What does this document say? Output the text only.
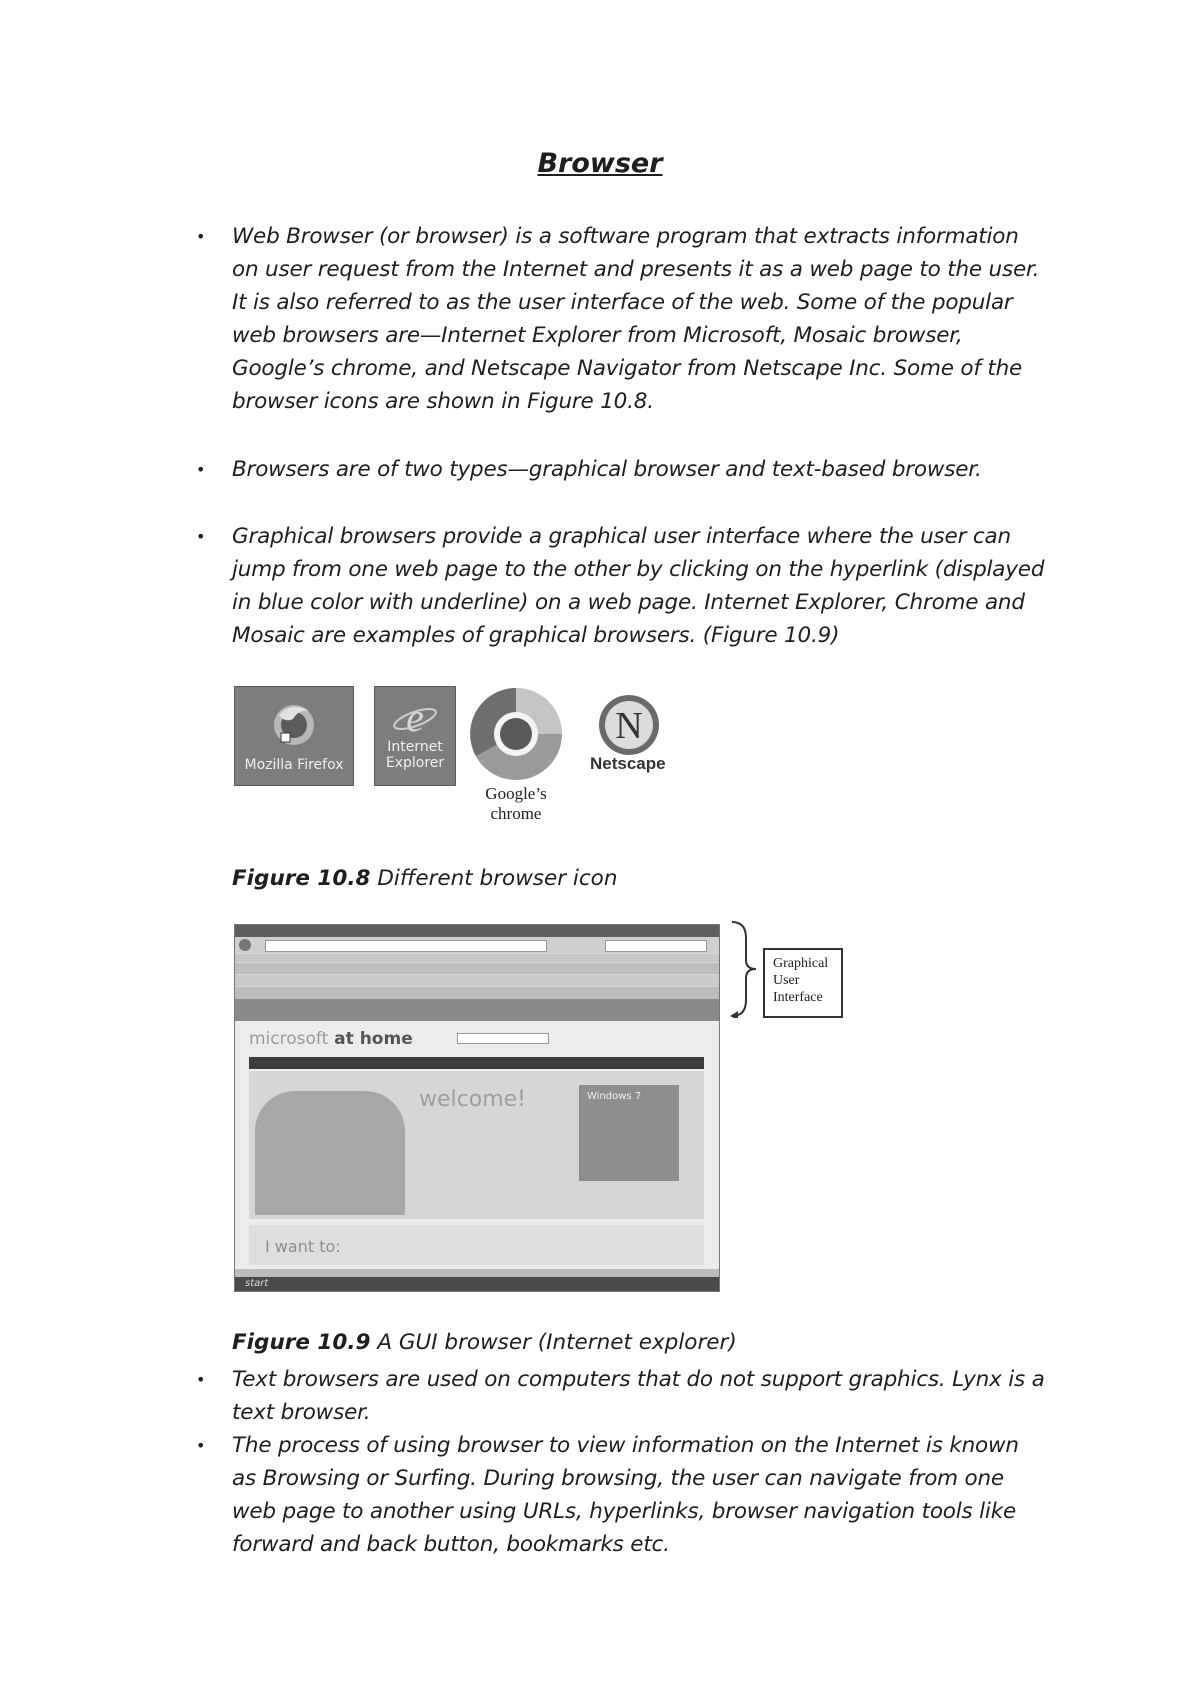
Browser
• Web Browser (or browser) is a software program that extracts information
on user request from the Internet and presents it as a web page to the user.
It is also referred to as the user interface of the web. Some of the popular
web browsers are—Internet Explorer from Microsoft, Mosaic browser,
Google’s chrome, and Netscape Navigator from Netscape Inc. Some of the
browser icons are shown in Figure 10.8.
• Browsers are of two types—graphical browser and text-based browser.
• Graphical browsers provide a graphical user interface where the user can
jump from one web page to the other by clicking on the hyperlink (displayed
in blue color with underline) on a web page. Internet Explorer, Chrome and
Mosaic are examples of graphical browsers. (Figure 10.9)
Mozilla Firefox
e
Internet
Explorer
Google’s
chrome
N
Netscape
Figure 10.8 Different browser icon
microsoft at home
welcome!	Windows 7
I want to:
start
Graphical
User
Interface
Figure 10.9 A GUI browser (Internet explorer)
• Text browsers are used on computers that do not support graphics. Lynx is a
text browser.
• The process of using browser to view information on the Internet is known
as Browsing or Surfing. During browsing, the user can navigate from one
web page to another using URLs, hyperlinks, browser navigation tools like
forward and back button, bookmarks etc.
